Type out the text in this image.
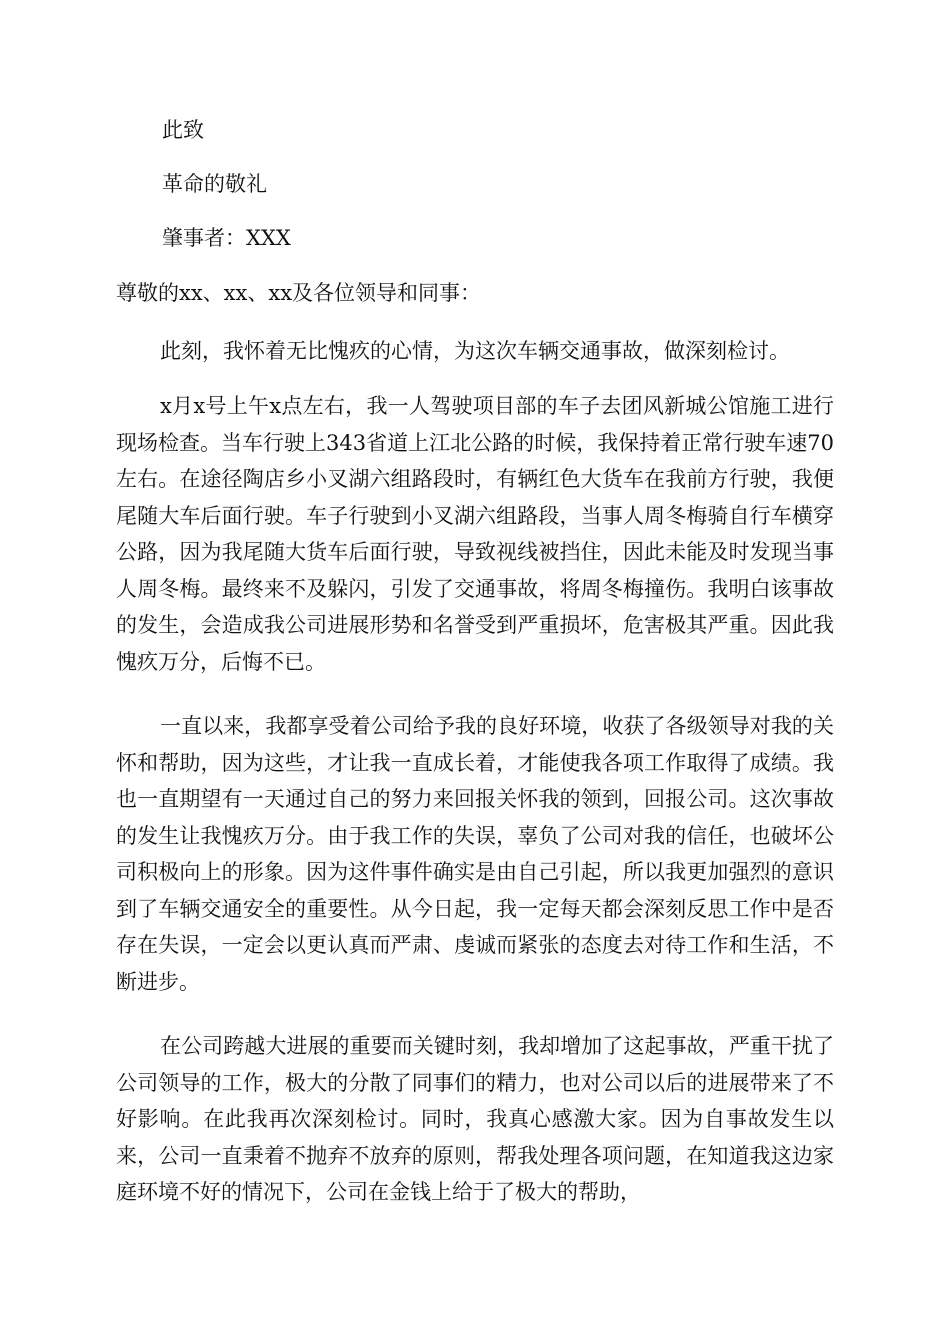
此致
革命的敬礼
肇事者：XXX
尊敬的xx、xx、xx及各位领导和同事：
此刻，我怀着无比愧疚的心情，为这次车辆交通事故，做深刻检讨。
x月x号上午x点左右，我一人驾驶项目部的车子去团风新城公馆施工进行现场检查。当车行驶上343省道上江北公路的时候，我保持着正常行驶车速70左右。在途径陶店乡小叉湖六组路段时，有辆红色大货车在我前方行驶，我便尾随大车后面行驶。车子行驶到小叉湖六组路段，当事人周冬梅骑自行车横穿公路，因为我尾随大货车后面行驶，导致视线被挡住，因此未能及时发现当事人周冬梅。最终来不及躲闪，引发了交通事故，将周冬梅撞伤。我明白该事故的发生，会造成我公司进展形势和名誉受到严重损坏，危害极其严重。因此我愧疚万分，后悔不已。
一直以来，我都享受着公司给予我的良好环境，收获了各级领导对我的关怀和帮助，因为这些，才让我一直成长着，才能使我各项工作取得了成绩。我也一直期望有一天通过自己的努力来回报关怀我的领到，回报公司。这次事故的发生让我愧疚万分。由于我工作的失误，辜负了公司对我的信任，也破坏公司积极向上的形象。因为这件事件确实是由自己引起，所以我更加强烈的意识到了车辆交通安全的重要性。从今日起，我一定每天都会深刻反思工作中是否存在失误，一定会以更认真而严肃、虔诚而紧张的态度去对待工作和生活，不断进步。
在公司跨越大进展的重要而关键时刻，我却增加了这起事故，严重干扰了公司领导的工作，极大的分散了同事们的精力，也对公司以后的进展带来了不好影响。在此我再次深刻检讨。同时，我真心感激大家。因为自事故发生以来，公司一直秉着不抛弃不放弃的原则，帮我处理各项问题，在知道我这边家庭环境不好的情况下，公司在金钱上给于了极大的帮助，
